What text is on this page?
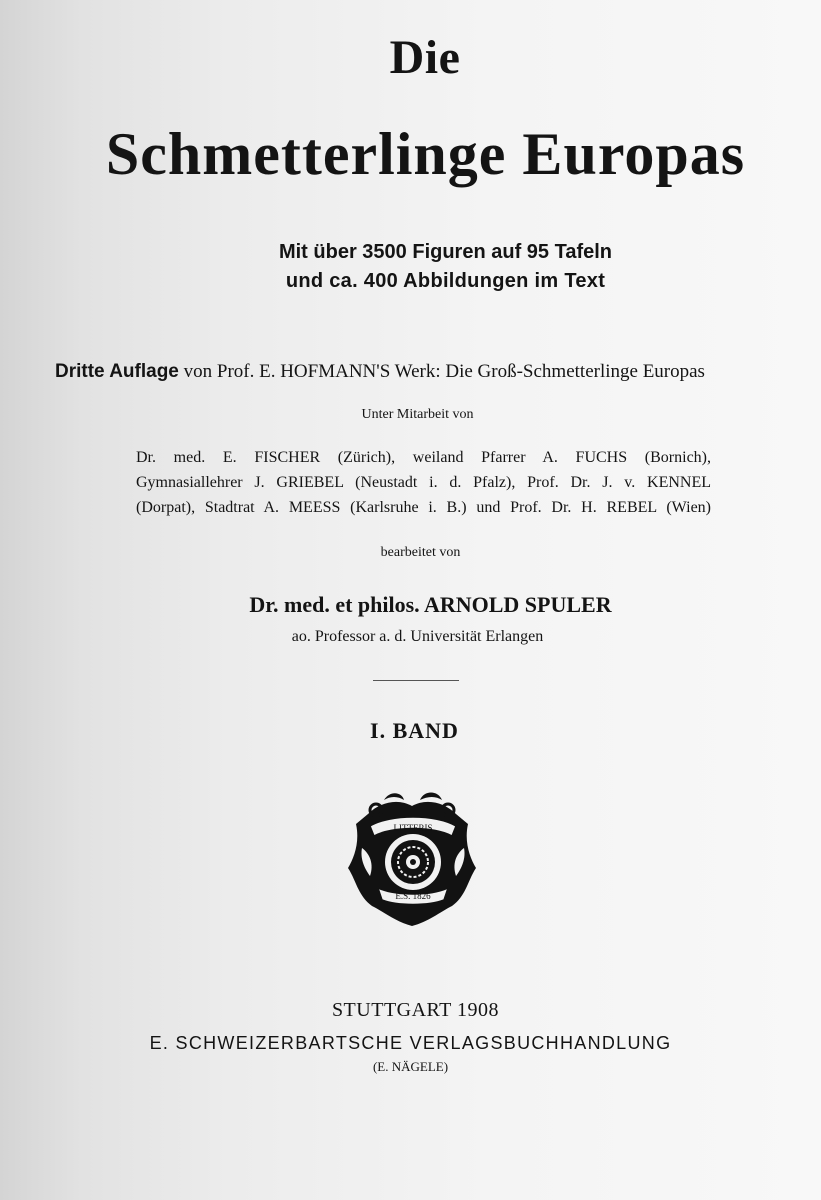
Die
Schmetterlinge Europas

Mit über 3500 Figuren auf 95 Tafeln

und ca. 400 Abbildungen im Text

Dritte Auflage von Prof. E. HOFMANN'S Werk: Die Groß-Schmetterlinge Europas

Unter Mitarbeit von

Dr. med. E. FISCHER (Zürich), weiland Pfarrer A. FUCHS (Bornich),
Gymnasiallehrer J. GRIEBEL (Neustadt i. d. Pfalz), Prof. Dr. J. v. KENNEL
(Dorpat), Stadtrat A. MEESS (Karlsruhe i. B.) und Prof. Dr. H. REBEL (Wien)

bearbeitet von

Dr. med. et philos. ARNOLD SPULER

ao. Professor a. d. Universität Erlangen

I. BAND

LITTERIS
E.S. 1826

STUTTGART 1908

E. SCHWEIZERBARTSCHE VERLAGSBUCHHANDLUNG

(E. NÄGELE)
